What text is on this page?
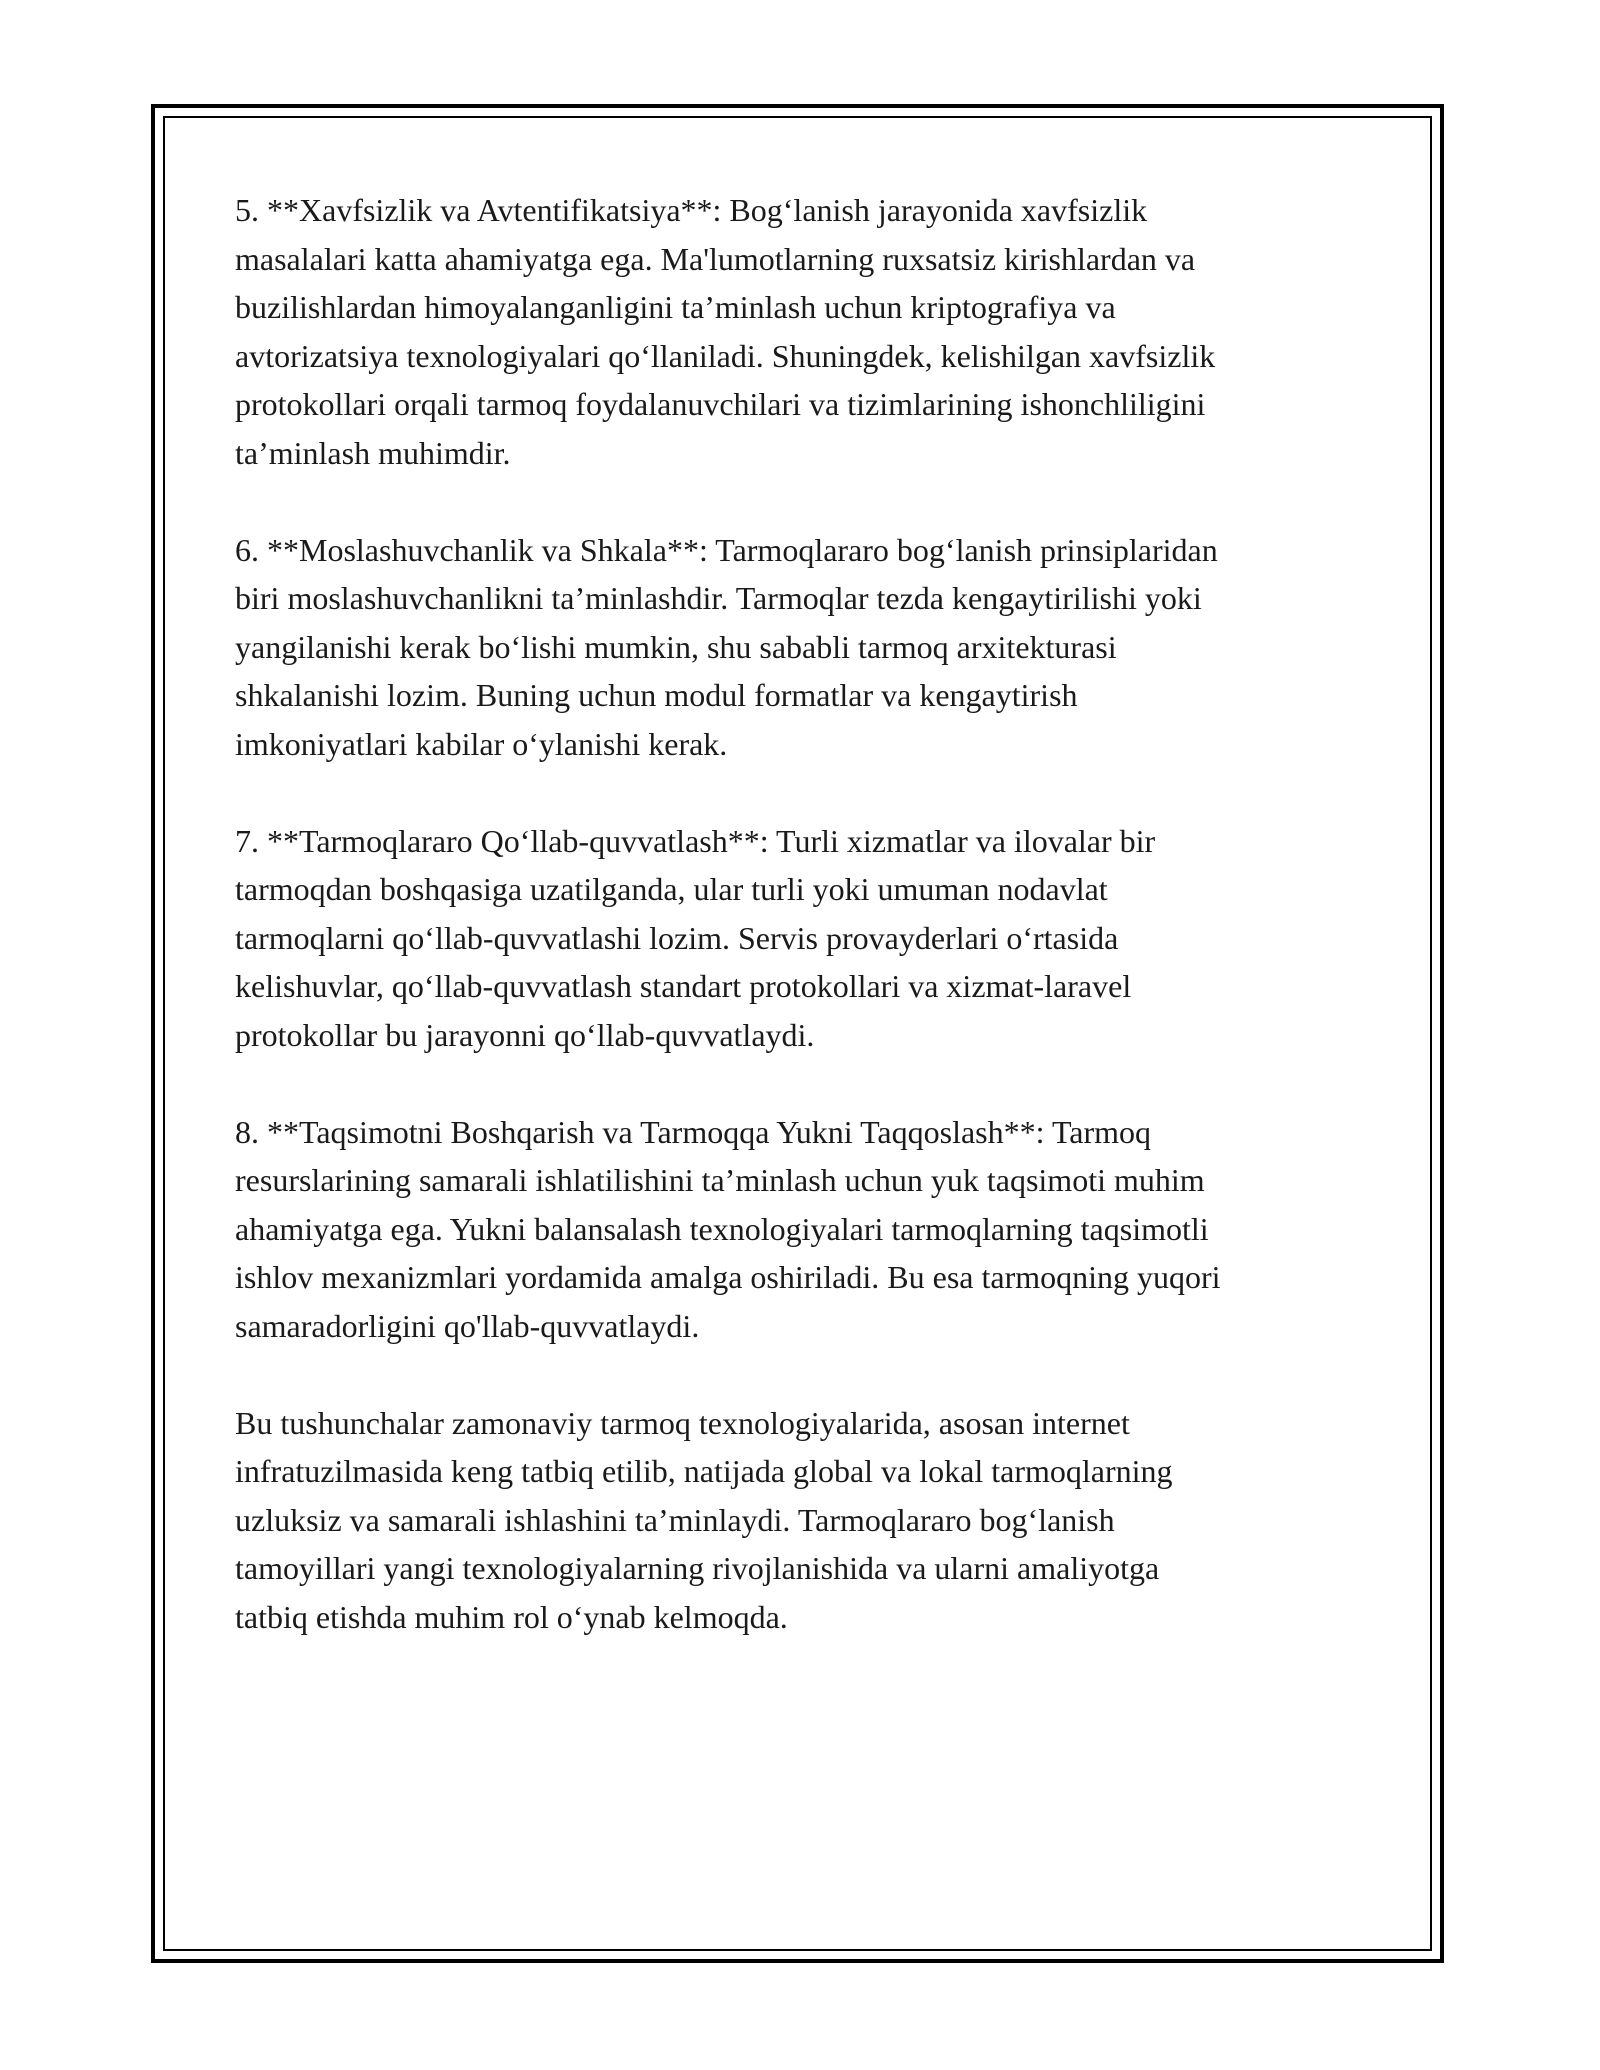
5. **Xavfsizlik va Avtentifikatsiya**: Bog‘lanish jarayonida xavfsizlik
masalalari katta ahamiyatga ega. Ma'lumotlarning ruxsatsiz kirishlardan va
buzilishlardan himoyalanganligini ta’minlash uchun kriptografiya va
avtorizatsiya texnologiyalari qo‘llaniladi. Shuningdek, kelishilgan xavfsizlik
protokollari orqali tarmoq foydalanuvchilari va tizimlarining ishonchliligini
ta’minlash muhimdir.

6. **Moslashuvchanlik va Shkala**: Tarmoqlararo bog‘lanish prinsiplaridan
biri moslashuvchanlikni ta’minlashdir. Tarmoqlar tezda kengaytirilishi yoki
yangilanishi kerak bo‘lishi mumkin, shu sababli tarmoq arxitekturasi
shkalanishi lozim. Buning uchun modul formatlar va kengaytirish
imkoniyatlari kabilar o‘ylanishi kerak.

7. **Tarmoqlararo Qo‘llab-quvvatlash**: Turli xizmatlar va ilovalar bir
tarmoqdan boshqasiga uzatilganda, ular turli yoki umuman nodavlat
tarmoqlarni qo‘llab-quvvatlashi lozim. Servis provayderlari o‘rtasida
kelishuvlar, qo‘llab-quvvatlash standart protokollari va xizmat-laravel
protokollar bu jarayonni qo‘llab-quvvatlaydi.

8. **Taqsimotni Boshqarish va Tarmoqqa Yukni Taqqoslash**: Tarmoq
resurslarining samarali ishlatilishini ta’minlash uchun yuk taqsimoti muhim
ahamiyatga ega. Yukni balansalash texnologiyalari tarmoqlarning taqsimotli
ishlov mexanizmlari yordamida amalga oshiriladi. Bu esa tarmoqning yuqori
samaradorligini qo'llab-quvvatlaydi.

Bu tushunchalar zamonaviy tarmoq texnologiyalarida, asosan internet
infratuzilmasida keng tatbiq etilib, natijada global va lokal tarmoqlarning
uzluksiz va samarali ishlashini ta’minlaydi. Tarmoqlararo bog‘lanish
tamoyillari yangi texnologiyalarning rivojlanishida va ularni amaliyotga
tatbiq etishda muhim rol o‘ynab kelmoqda.
